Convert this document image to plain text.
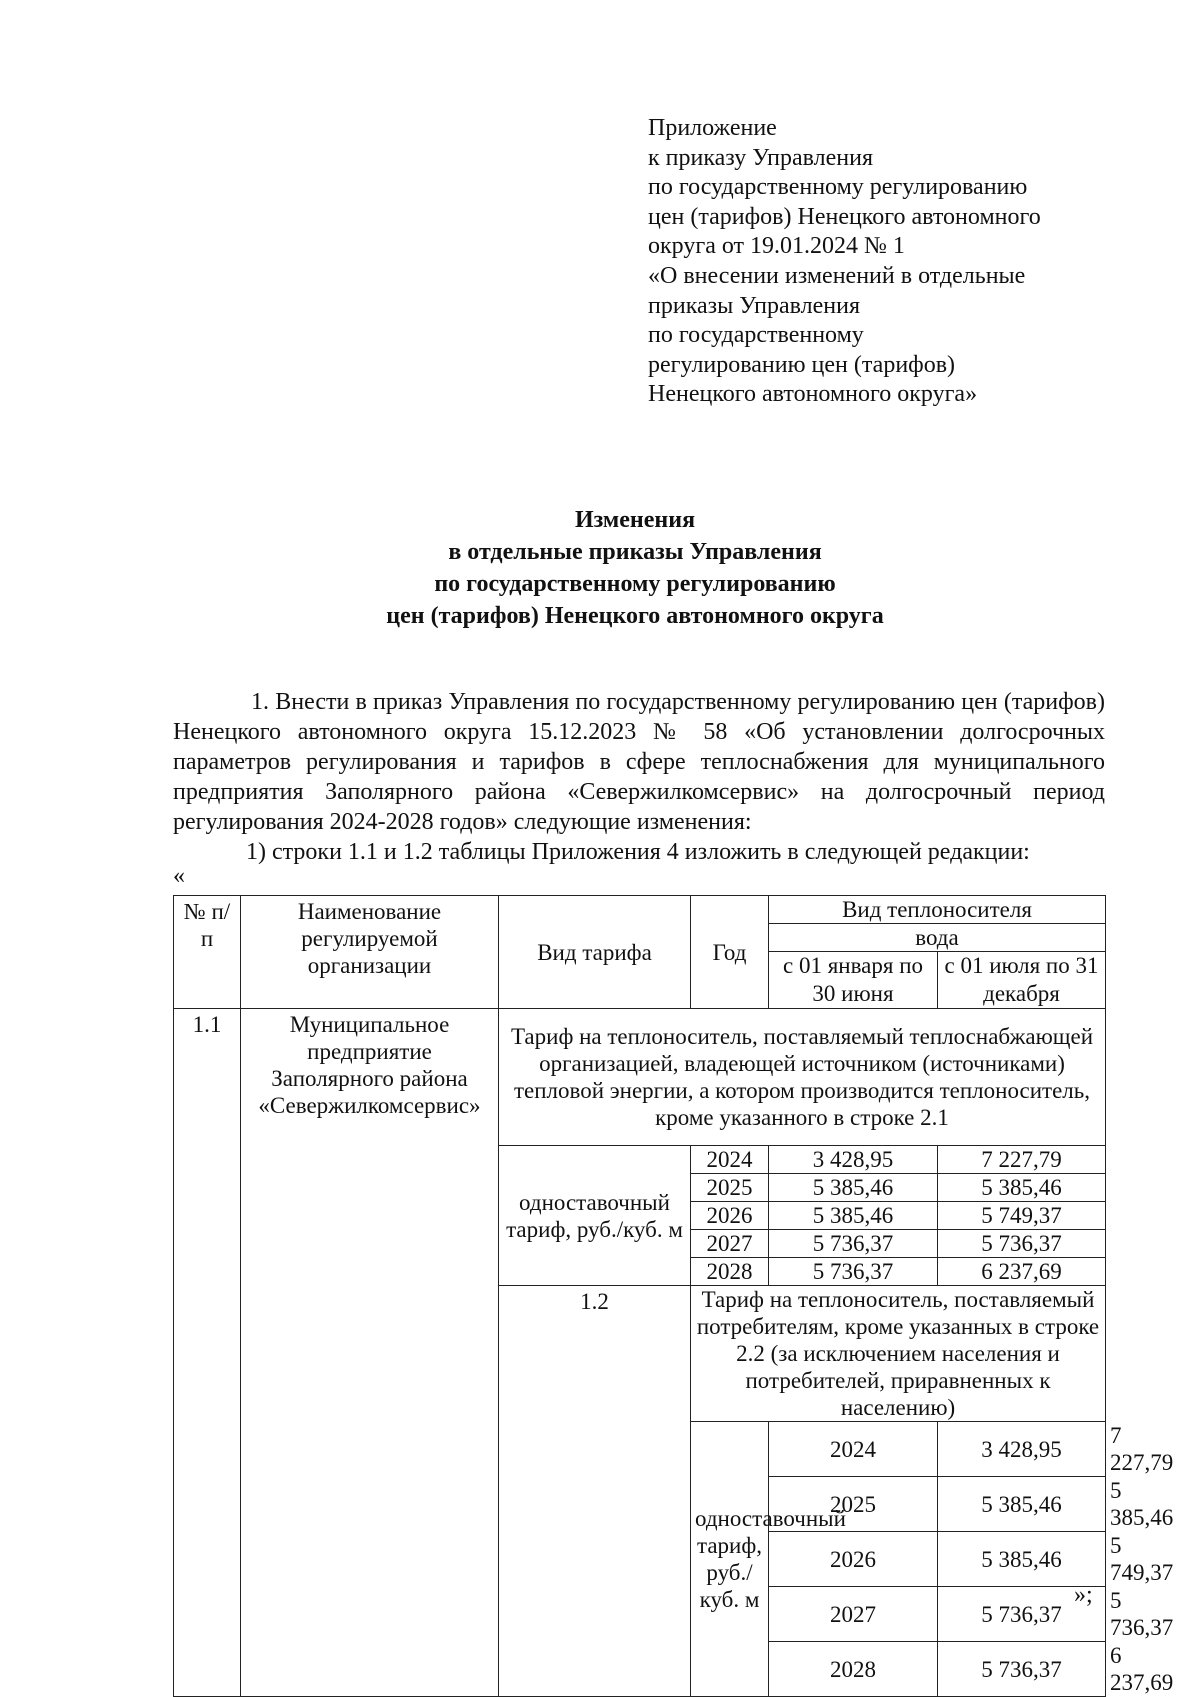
Приложение
к приказу Управления
по государственному регулированию
цен (тарифов) Ненецкого автономного
округа от 19.01.2024 № 1
«О внесении изменений в отдельные
приказы Управления
по государственному
регулированию цен (тарифов)
Ненецкого автономного округа»
Изменения
в отдельные приказы Управления
по государственному регулированию
цен (тарифов) Ненецкого автономного округа

1. Внести в приказ Управления по государственному регулированию цен (тарифов) Ненецкого автономного округа 15.12.2023 № 58 «Об установлении долгосрочных параметров регулирования и тарифов в сфере теплоснабжения для муниципального предприятия Заполярного района «Севержилкомсервис» на долгосрочный период регулирования 2024-2028 годов» следующие изменения:

1) строки 1.1 и 1.2 таблицы Приложения 4 изложить в следующей редакции:

«
№ п/п	Наименование регулируемой организации	Вид тарифа	Год	Вид теплоносителя		
				вода		
				с 01 января по 30 июня	с 01 июля по 31 декабря	

1.1	Муниципальное предприятие Заполярного района «Севержилкомсервис»	Тариф на теплоноситель, поставляемый теплоснабжающей организацией, владеющей источником (источниками) тепловой энергии, а котором производится теплоноситель, кроме указанного в строке 2.1				
		одноставочный тариф, руб./куб. м	2024	3 428,95	7 227,79	
			2025	5 385,46	5 385,46	
			2026	5 385,46	5 749,37	
			2027	5 736,37	5 736,37	
			2028	5 736,37	6 237,69	
		1.2	Тариф на теплоноситель, поставляемый потребителям, кроме указанных в строке 2.2 (за исключением населения и потребителей, приравненных к населению)			
			одноставочный тариф, руб./куб. м	2024	3 428,95	7 227,79
				2025	5 385,46	5 385,46
				2026	5 385,46	5 749,37
				2027	5 736,37	5 736,37
				2028	5 736,37	6 237,69
»;
